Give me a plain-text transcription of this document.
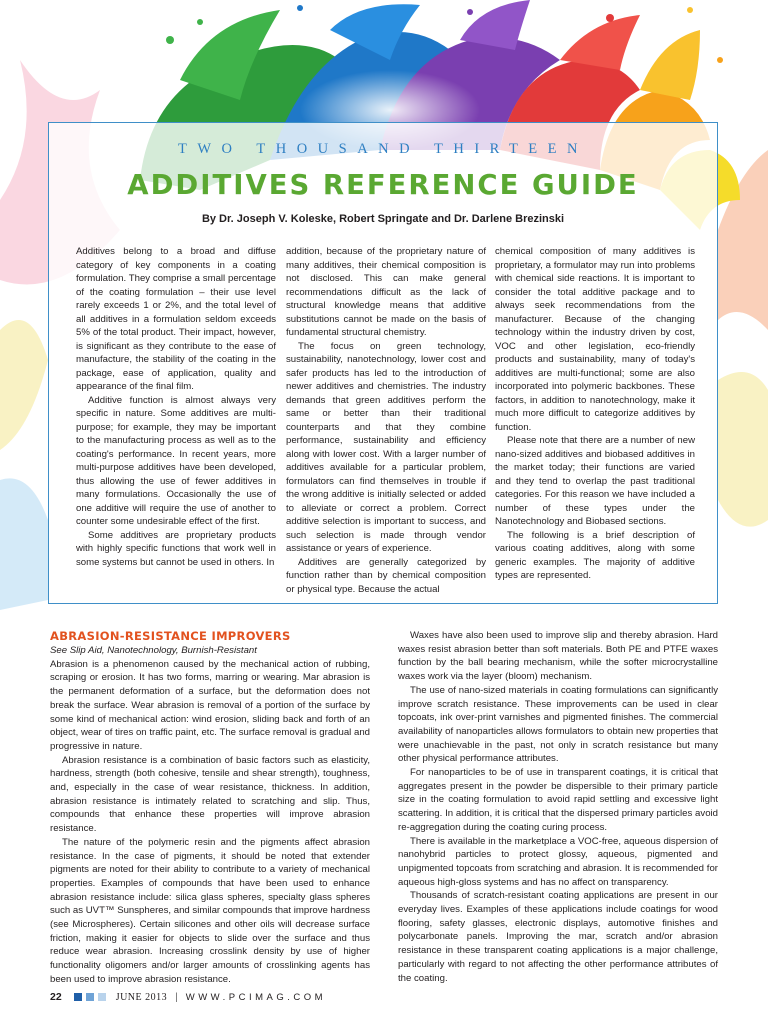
TWO THOUSAND THIRTEEN
ADDITIVES REFERENCE GUIDE
By Dr. Joseph V. Koleske, Robert Springate and Dr. Darlene Brezinski

Additives belong to a broad and diffuse category of key components in a coating formulation. They comprise a small percentage of the coating formulation – their use level rarely exceeds 1 or 2%, and the total level of all additives in a formulation seldom exceeds 5% of the total product. Their impact, however, is significant as they contribute to the ease of manufacture, the stability of the coating in the package, ease of application, quality and appearance of the final film.

Additive function is almost always very specific in nature. Some additives are multi-purpose; for example, they may be important to the manufacturing process as well as to the coating's performance. In recent years, more multi-purpose additives have been developed, thus allowing the use of fewer additives in many formulations. Occasionally the use of one additive will require the use of another to counter some undesirable effect of the first.

Some additives are proprietary products with highly specific functions that work well in some systems but cannot be used in others. In

addition, because of the proprietary nature of many additives, their chemical composition is not disclosed. This can make general recommendations difficult as the lack of structural knowledge means that additive substitutions cannot be made on the basis of fundamental structural chemistry.

The focus on green technology, sustainability, nanotechnology, lower cost and safer products has led to the introduction of newer additives and chemistries. The industry demands that green additives perform the same or better than their traditional counterparts and that they combine performance, sustainability and efficiency along with lower cost. With a larger number of additives available for a particular problem, formulators can find themselves in trouble if the wrong additive is initially selected or added to alleviate or correct a problem. Correct additive selection is important to success, and such selection is made through vendor assistance or years of experience.

Additives are generally categorized by function rather than by chemical composition or physical type. Because the actual

chemical composition of many additives is proprietary, a formulator may run into problems with chemical side reactions. It is important to consider the total additive package and to always seek recommendations from the manufacturer. Because of the changing technology within the industry driven by cost, VOC and other legislation, eco-friendly products and sustainability, many of today's additives are multi-functional; some are also incorporated into polymeric backbones. These factors, in addition to nanotechnology, make it much more difficult to categorize additives by function.

Please note that there are a number of new nano-sized additives and biobased additives in the market today; their functions are varied and they tend to overlap the past traditional categories. For this reason we have included a number of these types under the Nanotechnology and Biobased sections.

The following is a brief description of various coating additives, along with some generic examples. The majority of additive types are represented.

ABRASION-RESISTANCE IMPROVERS

See Slip Aid, Nanotechnology, Burnish-Resistant

Abrasion is a phenomenon caused by the mechanical action of rubbing, scraping or erosion. It has two forms, marring or wearing. Mar abrasion is the permanent deformation of a surface, but the deformation does not break the surface. Wear abrasion is removal of a portion of the surface by some kind of mechanical action: wind erosion, sliding back and forth of an object, wear of tires on traffic paint, etc. The surface removal is gradual and progressive in nature.

Abrasion resistance is a combination of basic factors such as elasticity, hardness, strength (both cohesive, tensile and shear strength), toughness, and, especially in the case of wear resistance, thickness. In addition, abrasion resistance is intimately related to scratching and slip. Thus, compounds that enhance these properties will improve abrasion resistance.

The nature of the polymeric resin and the pigments affect abrasion resistance. In the case of pigments, it should be noted that extender pigments are noted for their ability to contribute to a variety of mechanical properties. Examples of compounds that have been used to enhance abrasion resistance include: silica glass spheres, specialty glass spheres such as UVT™ Sunspheres, and similar compounds that improve hardness (see Microspheres). Certain silicones and other oils will decrease surface friction, making it easier for objects to slide over the surface and thus reduce wear abrasion. Increasing crosslink density by use of higher functionality oligomers and/or larger amounts of crosslinking agents has been used to improve abrasion resistance.

Waxes have also been used to improve slip and thereby abrasion. Hard waxes resist abrasion better than soft materials. Both PE and PTFE waxes function by the ball bearing mechanism, while the softer microcrystalline waxes work via the layer (bloom) mechanism.

The use of nano-sized materials in coating formulations can significantly improve scratch resistance. These improvements can be used in clear topcoats, ink over-print varnishes and pigmented finishes. The commercial availability of nanoparticles allows formulators to obtain new properties that were unachievable in the past, not only in scratch resistance but many other physical performance attributes.

For nanoparticles to be of use in transparent coatings, it is critical that aggregates present in the powder be dispersible to their primary particle size in the coating formulation to avoid rapid settling and excessive light scattering. In addition, it is critical that the dispersed primary particles avoid re-aggregation during the coating curing process.

There is available in the marketplace a VOC-free, aqueous dispersion of nanohybrid particles to protect glossy, aqueous, pigmented and unpigmented topcoats from scratching and abrasion. It is recommended for aqueous high-gloss systems and has no affect on transparency.

Thousands of scratch-resistant coating applications are present in our everyday lives. Examples of these applications include coatings for wood flooring, safety glasses, electronic displays, automotive finishes and polycarbonate panels. Improving the mar, scratch and/or abrasion resistance in these transparent coating applications is a major challenge, particularly with regard to not affecting the other performance attributes of the coating.

22	JUNE 2013 | WWW.PCIMAG.COM
